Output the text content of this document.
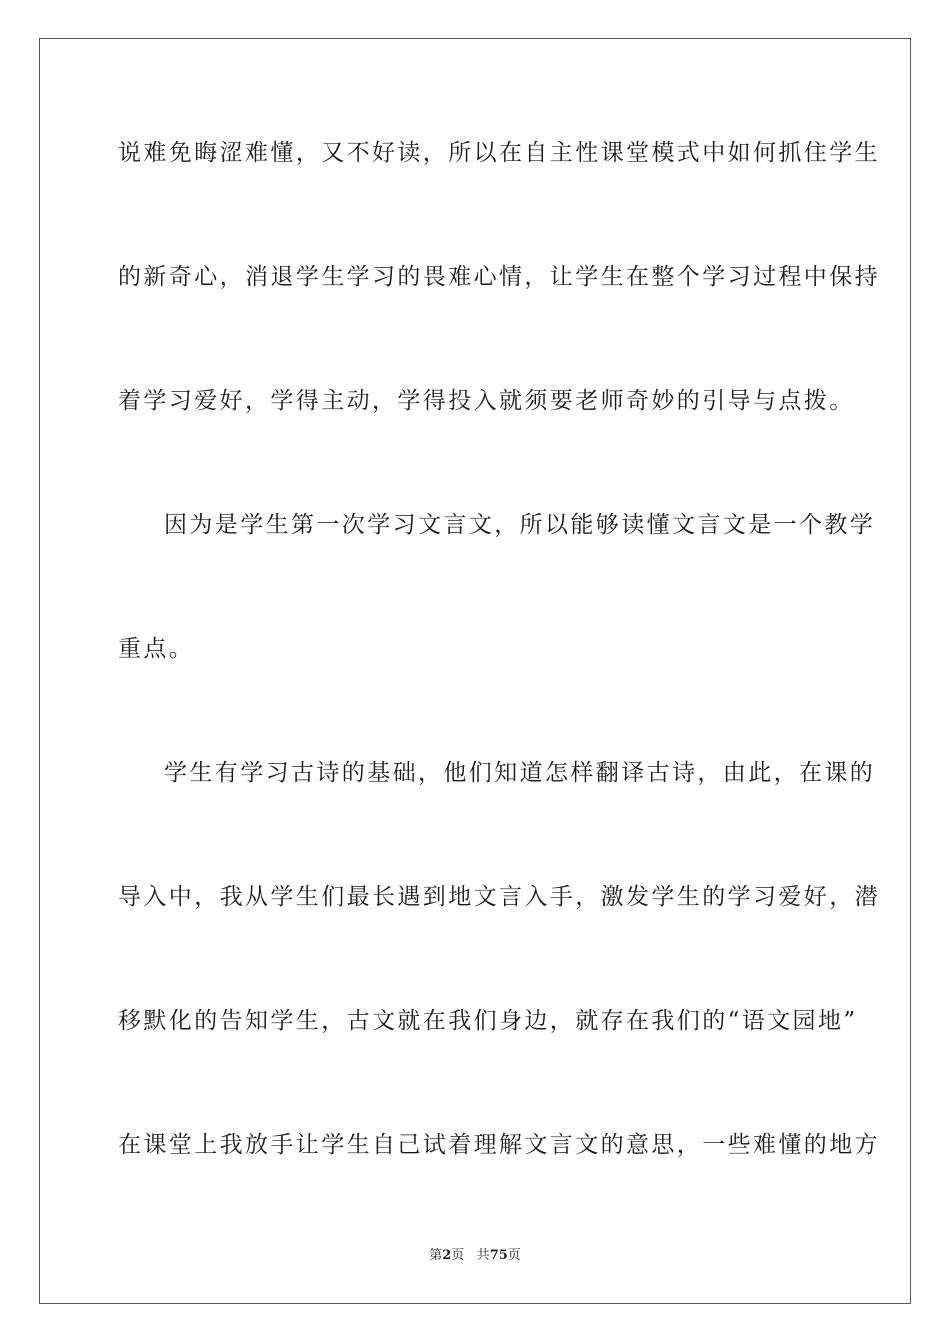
说难免晦涩难懂，又不好读，所以在自主性课堂模式中如何抓住学生
的新奇心，消退学生学习的畏难心情，让学生在整个学习过程中保持
着学习爱好，学得主动，学得投入就须要老师奇妙的引导与点拨。
因为是学生第一次学习文言文，所以能够读懂文言文是一个教学
重点。
学生有学习古诗的基础，他们知道怎样翻译古诗，由此，在课的
导入中，我从学生们最长遇到地文言入手，激发学生的学习爱好，潜
移默化的告知学生，古文就在我们身边，就存在我们的“语文园地”
在课堂上我放手让学生自己试着理解文言文的意思，一些难懂的地方
第2页 共75页
